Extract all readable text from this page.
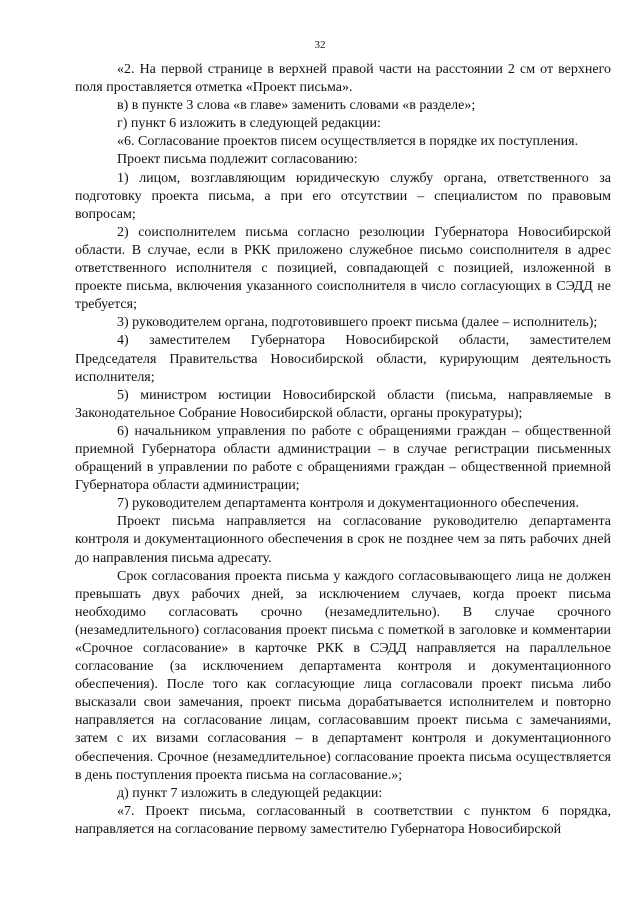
32

«2. На первой странице в верхней правой части на расстоянии 2 см от верхнего поля проставляется отметка «Проект письма».

в) в пункте 3 слова «в главе» заменить словами «в разделе»;

г) пункт 6 изложить в следующей редакции:

«6. Согласование проектов писем осуществляется в порядке их поступления.

Проект письма подлежит согласованию:

1) лицом, возглавляющим юридическую службу органа, ответственного за подготовку проекта письма, а при его отсутствии – специалистом по правовым вопросам;

2) соисполнителем письма согласно резолюции Губернатора Новосибирской области. В случае, если в РКК приложено служебное письмо соисполнителя в адрес ответственного исполнителя с позицией, совпадающей с позицией, изложенной в проекте письма, включения указанного соисполнителя в число согласующих в СЭДД не требуется;

3) руководителем органа, подготовившего проект письма (далее – исполнитель);

4) заместителем Губернатора Новосибирской области, заместителем Председателя Правительства Новосибирской области, курирующим деятельность исполнителя;

5) министром юстиции Новосибирской области (письма, направляемые в Законодательное Собрание Новосибирской области, органы прокуратуры);

6) начальником управления по работе с обращениями граждан – общественной приемной Губернатора области администрации – в случае регистрации письменных обращений в управлении по работе с обращениями граждан – общественной приемной Губернатора области администрации;

7) руководителем департамента контроля и документационного обеспечения.

Проект письма направляется на согласование руководителю департамента контроля и документационного обеспечения в срок не позднее чем за пять рабочих дней до направления письма адресату.

Срок согласования проекта письма у каждого согласовывающего лица не должен превышать двух рабочих дней, за исключением случаев, когда проект письма необходимо согласовать срочно (незамедлительно). В случае срочного (незамедлительного) согласования проект письма с пометкой в заголовке и комментарии «Срочное согласование» в карточке РКК в СЭДД направляется на параллельное согласование (за исключением департамента контроля и документационного обеспечения). После того как согласующие лица согласовали проект письма либо высказали свои замечания, проект письма дорабатывается исполнителем и повторно направляется на согласование лицам, согласовавшим проект письма с замечаниями, затем с их визами согласования – в департамент контроля и документационного обеспечения. Срочное (незамедлительное) согласование проекта письма осуществляется в день поступления проекта письма на согласование.»;

д) пункт 7 изложить в следующей редакции:

«7. Проект письма, согласованный в соответствии с пунктом 6 порядка, направляется на согласование первому заместителю Губернатора Новосибирской
